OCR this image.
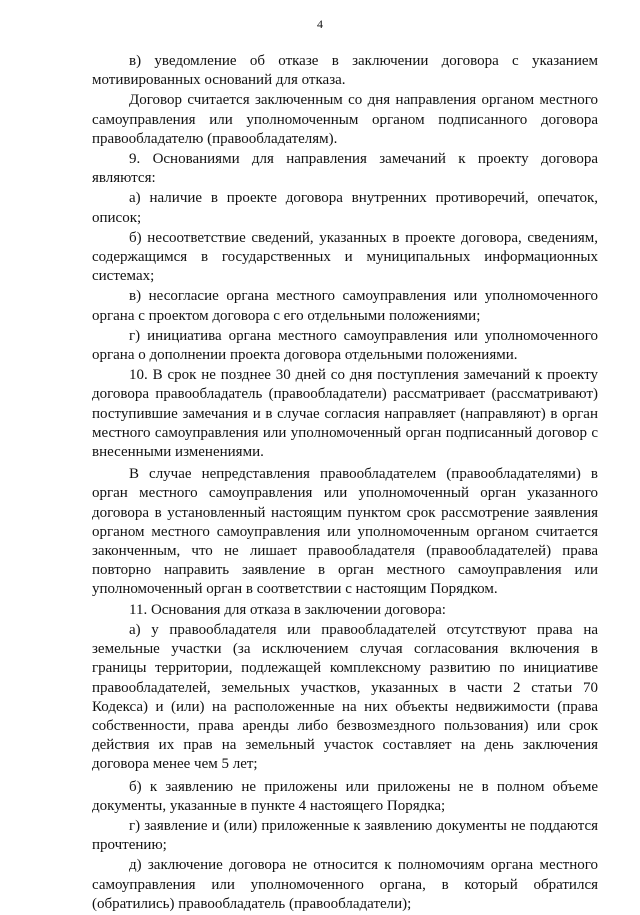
4

в) уведомление об отказе в заключении договора с указанием мотивированных оснований для отказа.

Договор считается заключенным со дня направления органом местного самоуправления или уполномоченным органом подписанного договора правообладателю (правообладателям).

9. Основаниями для направления замечаний к проекту договора являются:

а) наличие в проекте договора внутренних противоречий, опечаток, описок;

б) несоответствие сведений, указанных в проекте договора, сведениям, содержащимся в государственных и муниципальных информационных системах;

в) несогласие органа местного самоуправления или уполномоченного органа с проектом договора с его отдельными положениями;

г) инициатива органа местного самоуправления или уполномоченного органа о дополнении проекта договора отдельными положениями.

10. В срок не позднее 30 дней со дня поступления замечаний к проекту договора правообладатель (правообладатели) рассматривает (рассматривают) поступившие замечания и в случае согласия направляет (направляют) в орган местного самоуправления или уполномоченный орган подписанный договор с внесенными изменениями.

В случае непредставления правообладателем (правообладателями) в орган местного самоуправления или уполномоченный орган указанного договора в установленный настоящим пунктом срок рассмотрение заявления органом местного самоуправления или уполномоченным органом считается законченным, что не лишает правообладателя (правообладателей) права повторно направить заявление в орган местного самоуправления или уполномоченный орган в соответствии с настоящим Порядком.

11. Основания для отказа в заключении договора:

а) у правообладателя или правообладателей отсутствуют права на земельные участки (за исключением случая согласования включения в границы территории, подлежащей комплексному развитию по инициативе правообладателей, земельных участков, указанных в части 2 статьи 70 Кодекса) и (или) на расположенные на них объекты недвижимости (права собственности, права аренды либо безвозмездного пользования) или срок действия их прав на земельный участок составляет на день заключения договора менее чем 5 лет;

б) к заявлению не приложены или приложены не в полном объеме документы, указанные в пункте 4 настоящего Порядка;

г) заявление и (или) приложенные к заявлению документы не поддаются прочтению;

д) заключение договора не относится к полномочиям органа местного самоуправления или уполномоченного органа, в который обратился (обратились) правообладатель (правообладатели);
